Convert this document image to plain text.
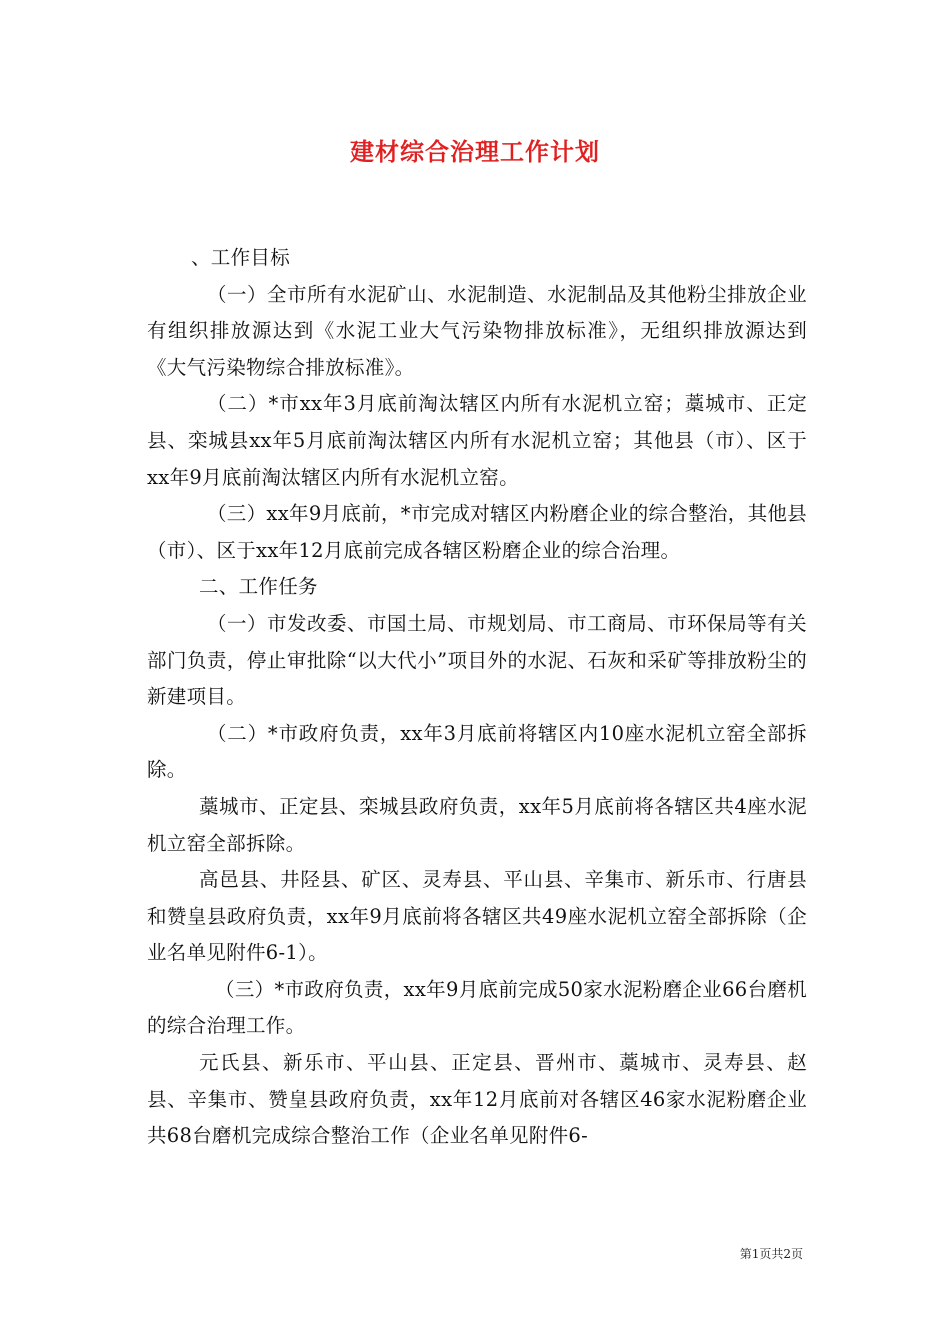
建材综合治理工作计划

、工作目标

（一）全市所有水泥矿山、水泥制造、水泥制品及其他粉尘排放企业有组织排放源达到《水泥工业大气污染物排放标准》，无组织排放源达到《大气污染物综合排放标准》。

（二）*市xx年3月底前淘汰辖区内所有水泥机立窑；藁城市、正定县、栾城县xx年5月底前淘汰辖区内所有水泥机立窑；其他县（市）、区于xx年9月底前淘汰辖区内所有水泥机立窑。

（三）xx年9月底前，*市完成对辖区内粉磨企业的综合整治，其他县（市）、区于xx年12月底前完成各辖区粉磨企业的综合治理。

二、工作任务

（一）市发改委、市国土局、市规划局、市工商局、市环保局等有关部门负责，停止审批除“以大代小”项目外的水泥、石灰和采矿等排放粉尘的新建项目。

（二）*市政府负责，xx年3月底前将辖区内10座水泥机立窑全部拆除。

藁城市、正定县、栾城县政府负责，xx年5月底前将各辖区共4座水泥机立窑全部拆除。

高邑县、井陉县、矿区、灵寿县、平山县、辛集市、新乐市、行唐县和赞皇县政府负责，xx年9月底前将各辖区共49座水泥机立窑全部拆除（企业名单见附件6-1）。

（三）*市政府负责，xx年9月底前完成50家水泥粉磨企业66台磨机的综合治理工作。

元氏县、新乐市、平山县、正定县、晋州市、藁城市、灵寿县、赵县、辛集市、赞皇县政府负责，xx年12月底前对各辖区46家水泥粉磨企业共68台磨机完成综合整治工作（企业名单见附件6-

第1页共2页
